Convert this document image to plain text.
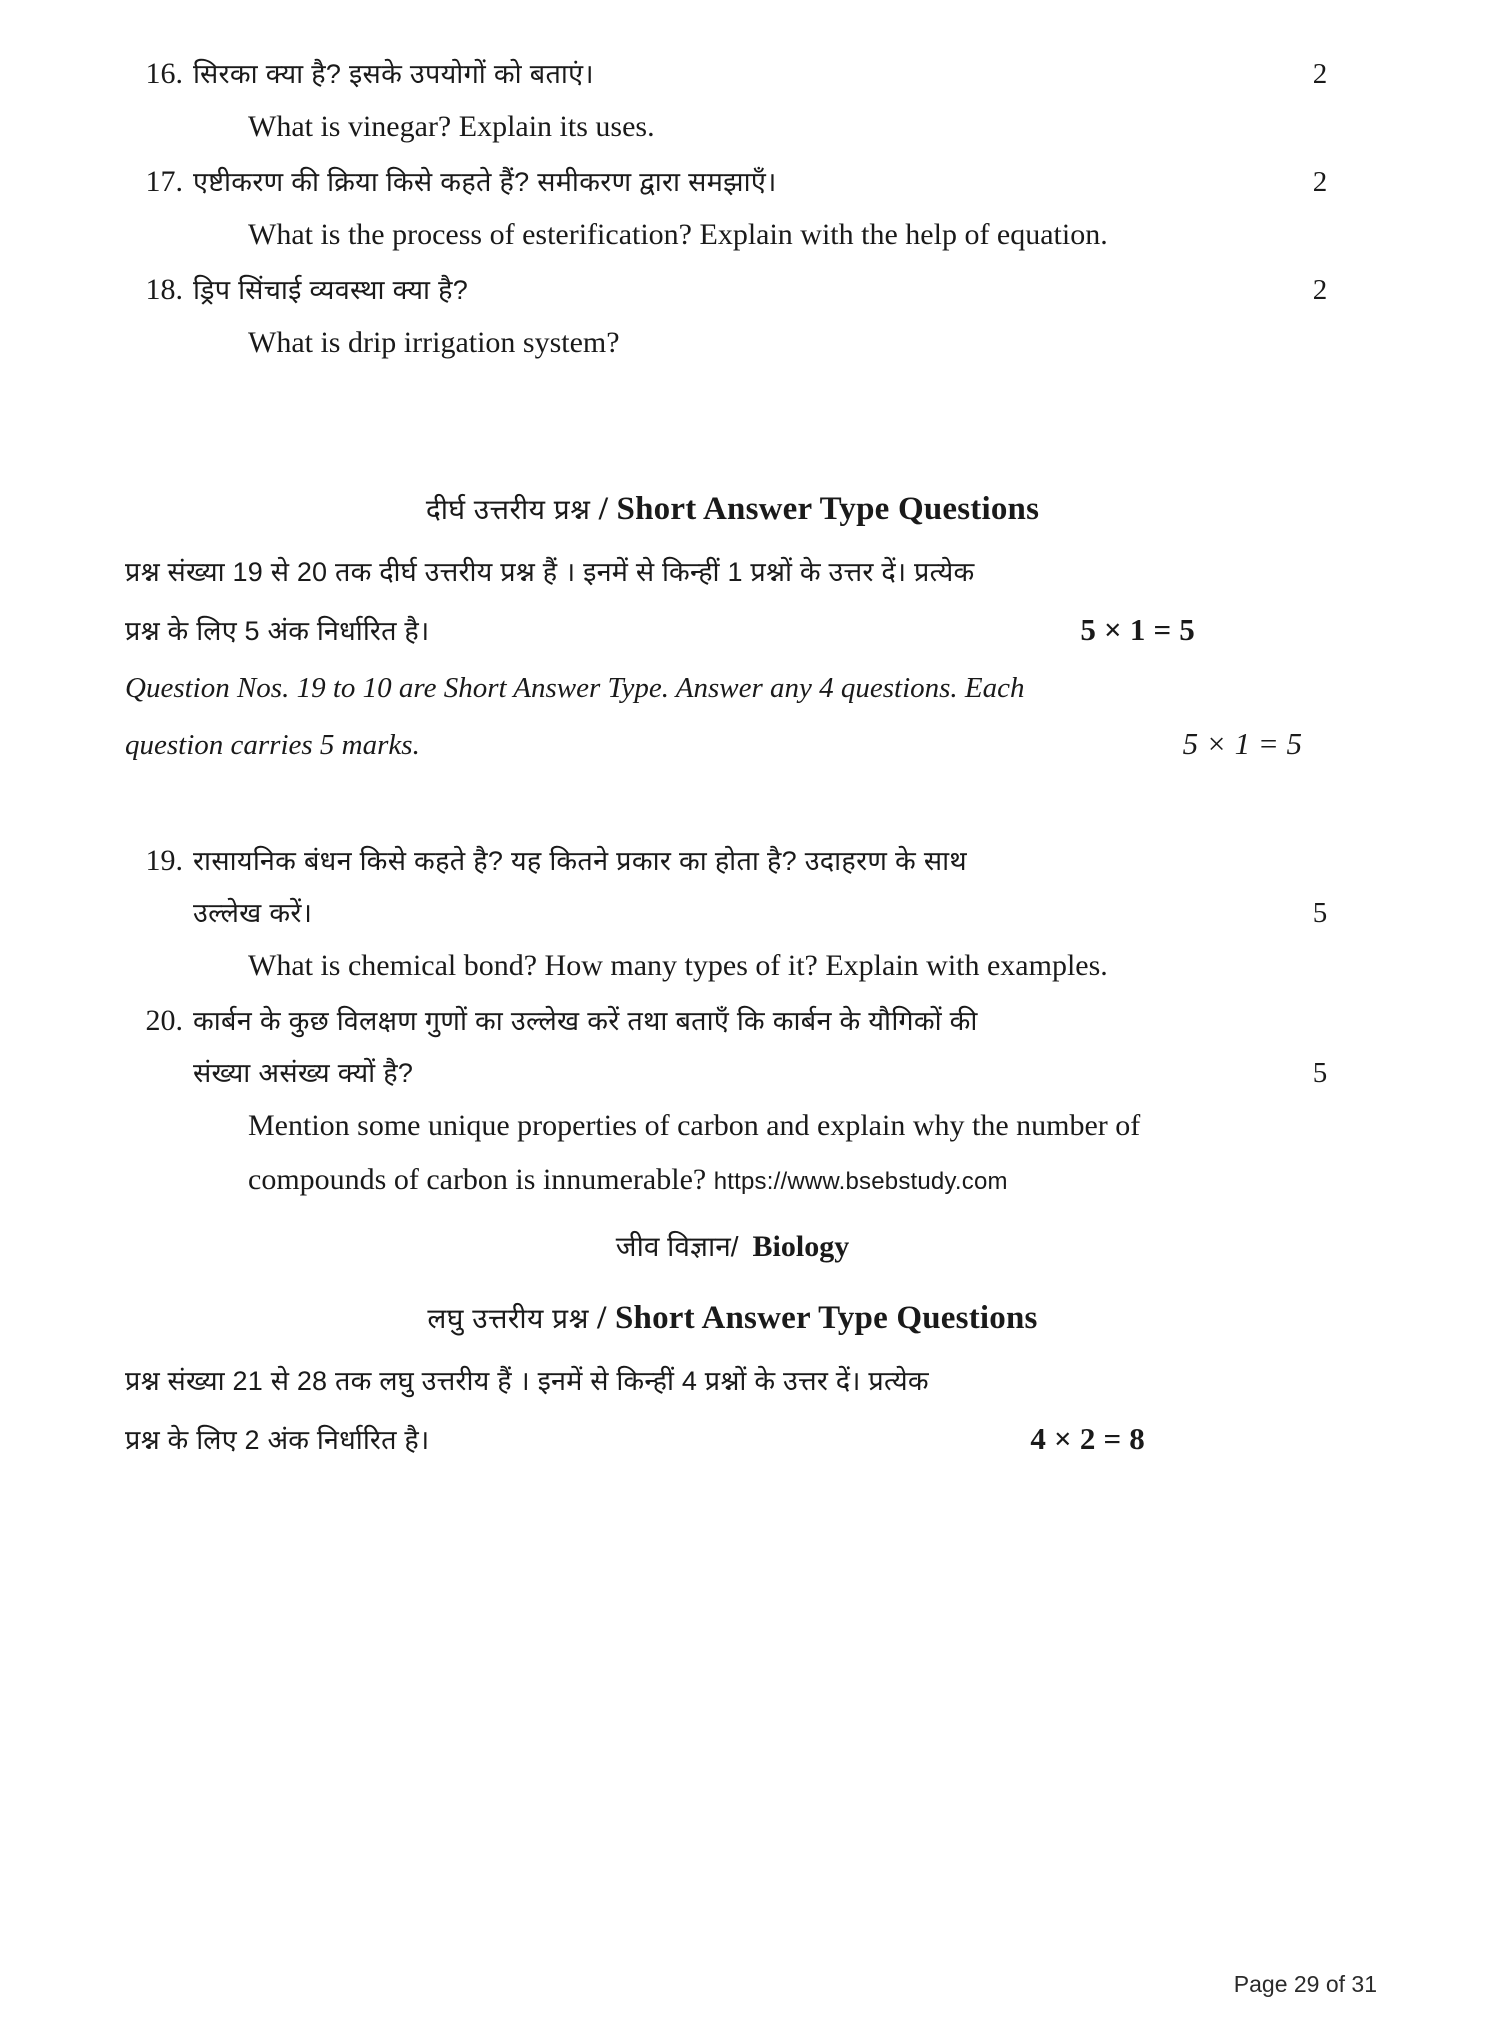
16. सिरका क्या है? इसके उपयोगों को बताएं।
What is vinegar? Explain its uses.
2
17. एष्टीकरण की क्रिया किसे कहते हैं? समीकरण द्वारा समझाएँ।
What is the process of esterification? Explain with the help of equation.
2
18. ड्रिप सिंचाई व्यवस्था क्या है?
What is drip irrigation system?
2
दीर्घ उत्तरीय प्रश्न / Short Answer Type Questions
प्रश्न संख्या 19 से 20 तक दीर्घ उत्तरीय प्रश्न हैं । इनमें से किन्हीं 1 प्रश्नों के उत्तर दें। प्रत्येक
प्रश्न के लिए 5 अंक निर्धारित है।	5 × 1 = 5
Question Nos. 19 to 10 are Short Answer Type. Answer any 4 questions. Each
question carries 5 marks.	5 × 1 = 5
19. रासायनिक बंधन किसे कहते है? यह कितने प्रकार का होता है? उदाहरण के साथ
उल्लेख करें।
What is chemical bond? How many types of it? Explain with examples.
5
20. कार्बन के कुछ विलक्षण गुणों का उल्लेख करें तथा बताएँ कि कार्बन के यौगिकों की
संख्या असंख्य क्यों है?
Mention some unique properties of carbon and explain why the number of
compounds of carbon is innumerable? https://www.bsebstudy.com
5
जीव विज्ञान/ Biology
लघु उत्तरीय प्रश्न / Short Answer Type Questions
प्रश्न संख्या 21 से 28 तक लघु उत्तरीय हैं । इनमें से किन्हीं 4 प्रश्नों के उत्तर दें। प्रत्येक
प्रश्न के लिए 2 अंक निर्धारित है।	4 × 2 = 8
Page 29 of 31
